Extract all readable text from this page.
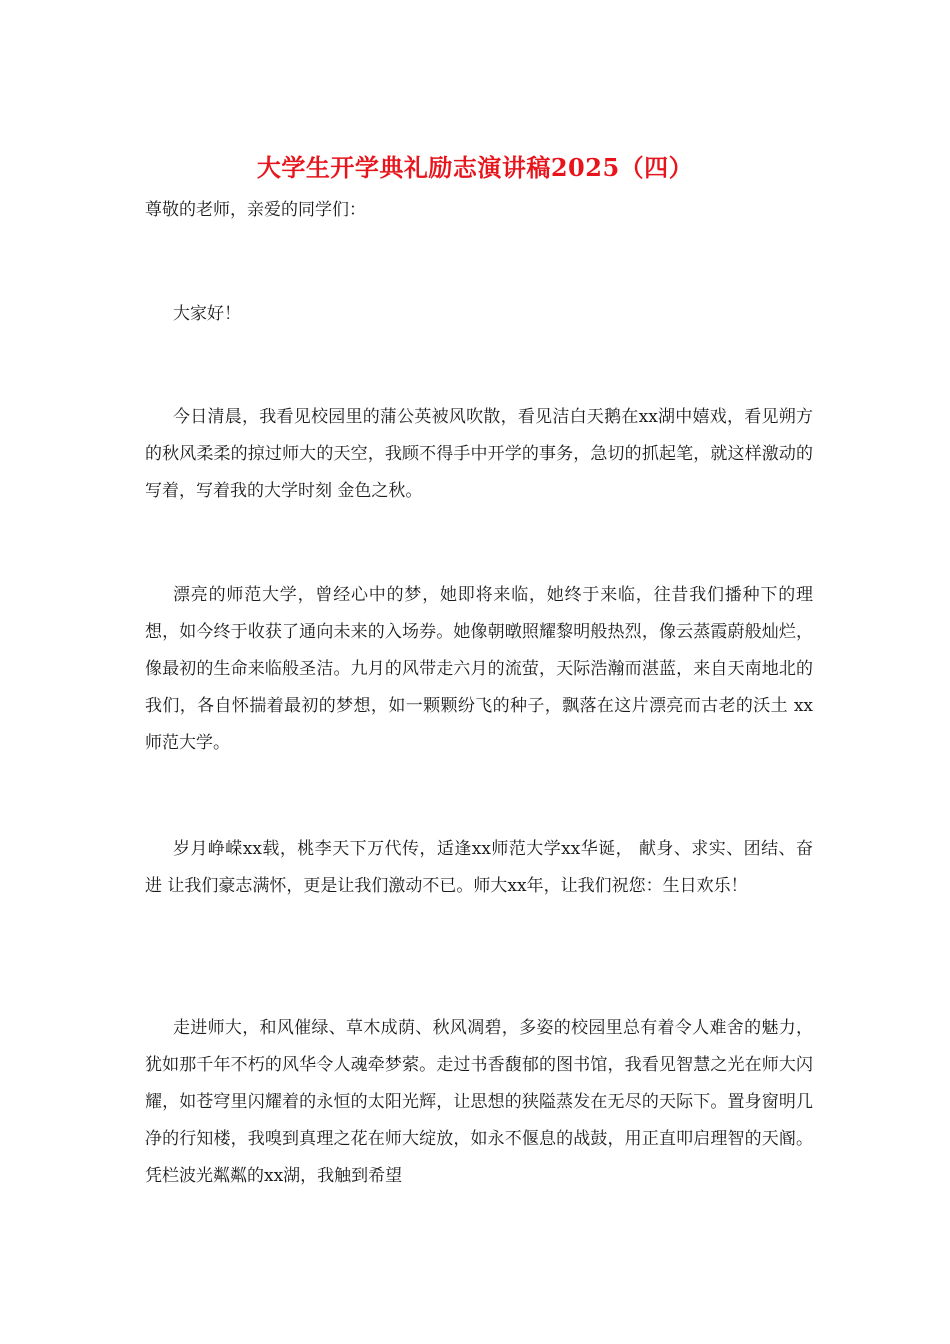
大学生开学典礼励志演讲稿2025（四）
尊敬的老师，亲爱的同学们：

大家好！

今日清晨，我看见校园里的蒲公英被风吹散，看见洁白天鹅在xx湖中嬉戏，看见朔方的秋风柔柔的掠过师大的天空，我顾不得手中开学的事务，急切的抓起笔，就这样激动的写着，写着我的大学时刻 金色之秋。

漂亮的师范大学，曾经心中的梦，她即将来临，她终于来临，往昔我们播种下的理想，如今终于收获了通向未来的入场券。她像朝暾照耀黎明般热烈，像云蒸霞蔚般灿烂，像最初的生命来临般圣洁。九月的风带走六月的流萤，天际浩瀚而湛蓝，来自天南地北的我们，各自怀揣着最初的梦想，如一颗颗纷飞的种子，飘落在这片漂亮而古老的沃土 xx师范大学。

岁月峥嵘xx载，桃李天下万代传，适逢xx师范大学xx华诞， 献身、求实、团结、奋进 让我们豪志满怀，更是让我们激动不已。师大xx年，让我们祝您：生日欢乐！

走进师大，和风催绿、草木成荫、秋风凋碧，多姿的校园里总有着令人难舍的魅力，犹如那千年不朽的风华令人魂牵梦萦。走过书香馥郁的图书馆，我看见智慧之光在师大闪耀，如苍穹里闪耀着的永恒的太阳光辉，让思想的狭隘蒸发在无尽的天际下。置身窗明几净的行知楼，我嗅到真理之花在师大绽放，如永不偃息的战鼓，用正直叩启理智的天阍。凭栏波光粼粼的xx湖，我触到希望
